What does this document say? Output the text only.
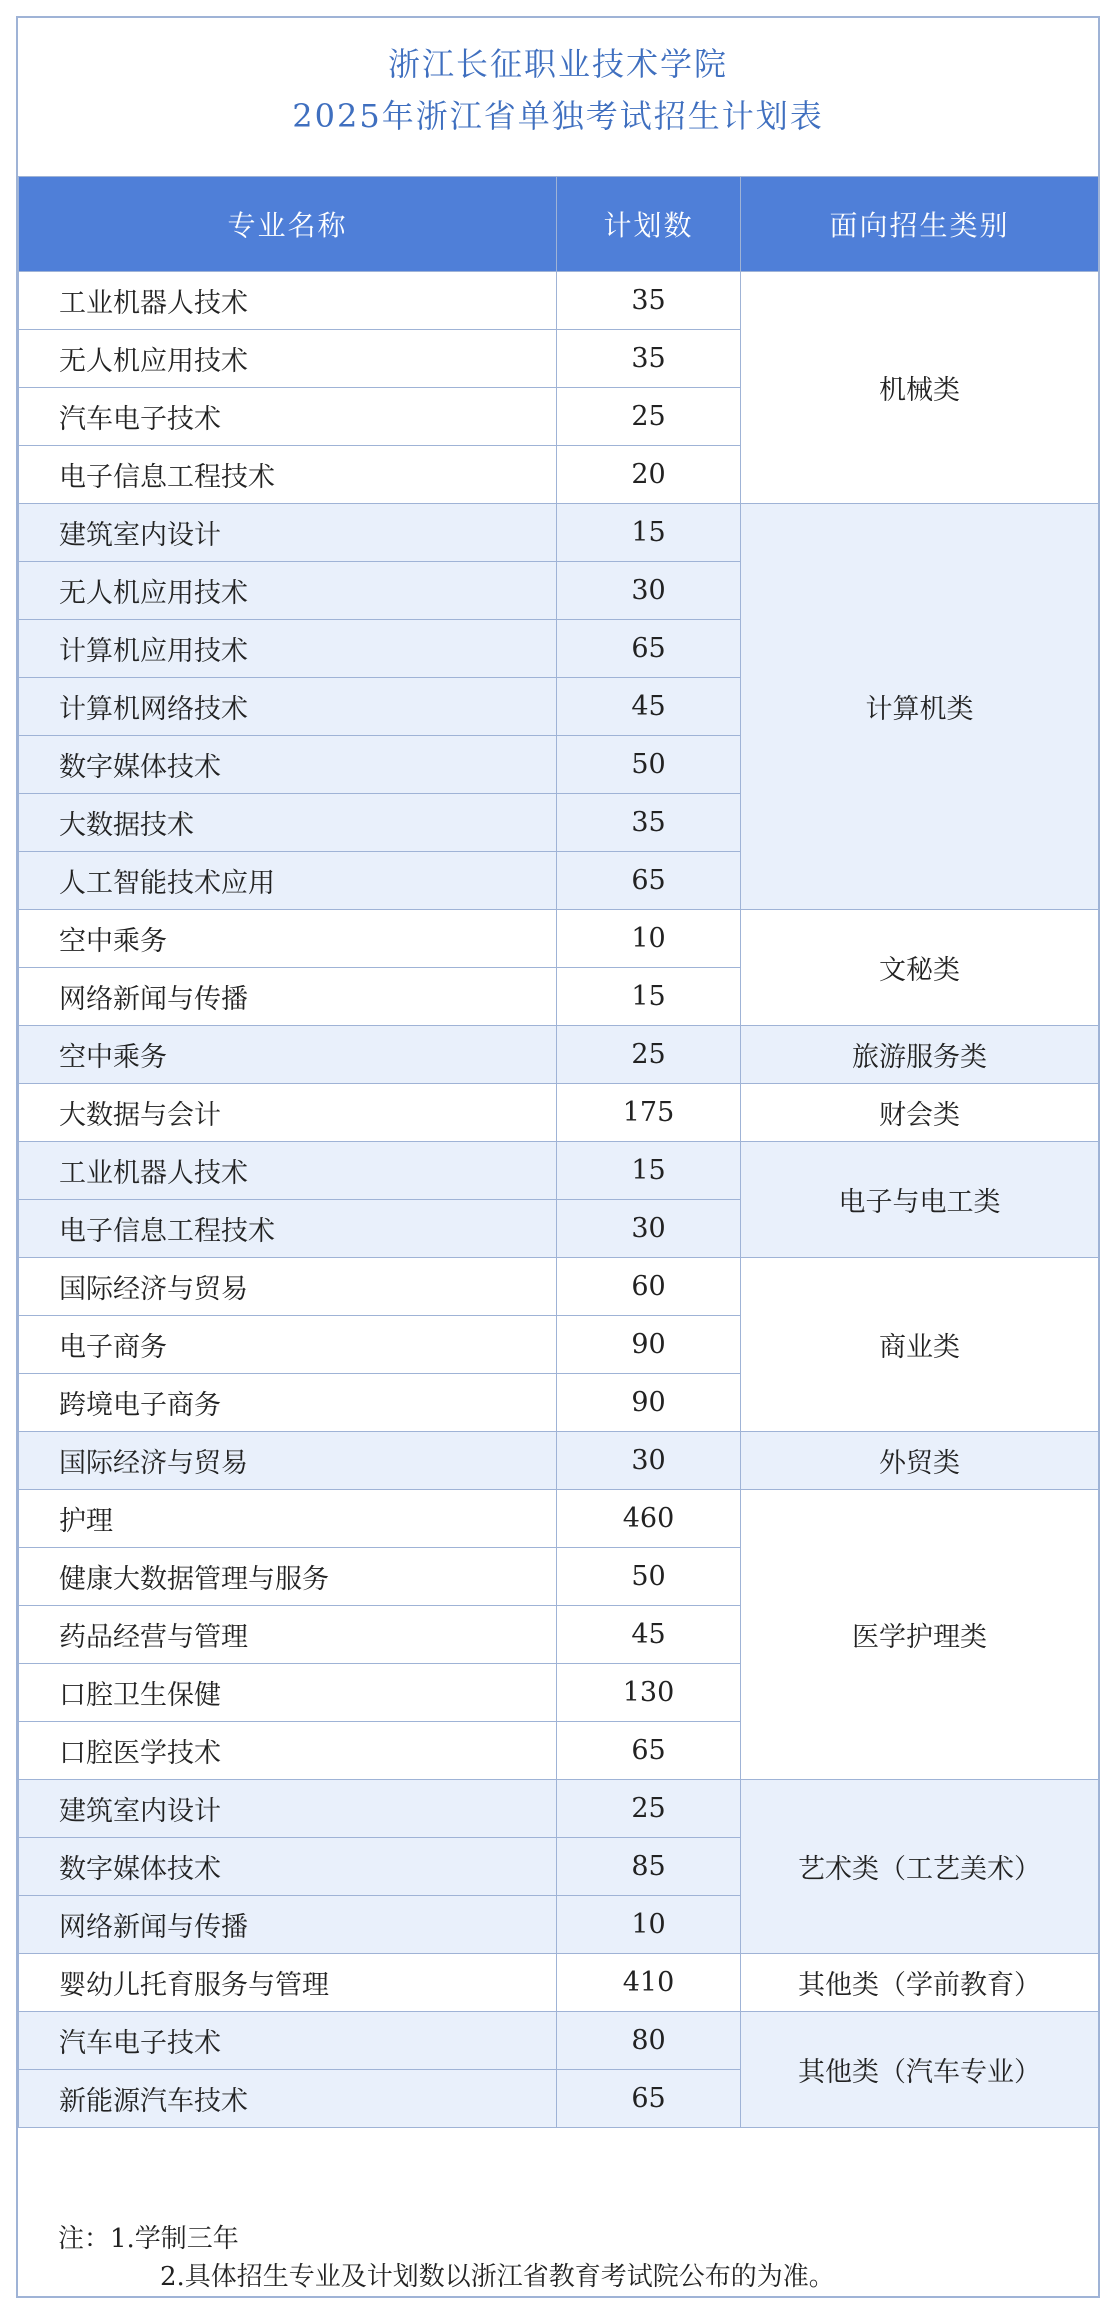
浙江长征职业技术学院
2025年浙江省单独考试招生计划表
专业名称	计划数	面向招生类别
工业机器人技术	35	机械类
无人机应用技术	35	
汽车电子技术	25	
电子信息工程技术	20	
建筑室内设计	15	计算机类
无人机应用技术	30	
计算机应用技术	65	
计算机网络技术	45	
数字媒体技术	50	
大数据技术	35	
人工智能技术应用	65	
空中乘务	10	文秘类
网络新闻与传播	15	
空中乘务	25	旅游服务类
大数据与会计	175	财会类
工业机器人技术	15	电子与电工类
电子信息工程技术	30	
国际经济与贸易	60	商业类
电子商务	90	
跨境电子商务	90	
国际经济与贸易	30	外贸类
护理	460	医学护理类
健康大数据管理与服务	50	
药品经营与管理	45	
口腔卫生保健	130	
口腔医学技术	65	
建筑室内设计	25	艺术类（工艺美术）
数字媒体技术	85	
网络新闻与传播	10	
婴幼儿托育服务与管理	410	其他类（学前教育）
汽车电子技术	80	其他类（汽车专业）
新能源汽车技术	65	
注：1.学制三年
2.具体招生专业及计划数以浙江省教育考试院公布的为准。
